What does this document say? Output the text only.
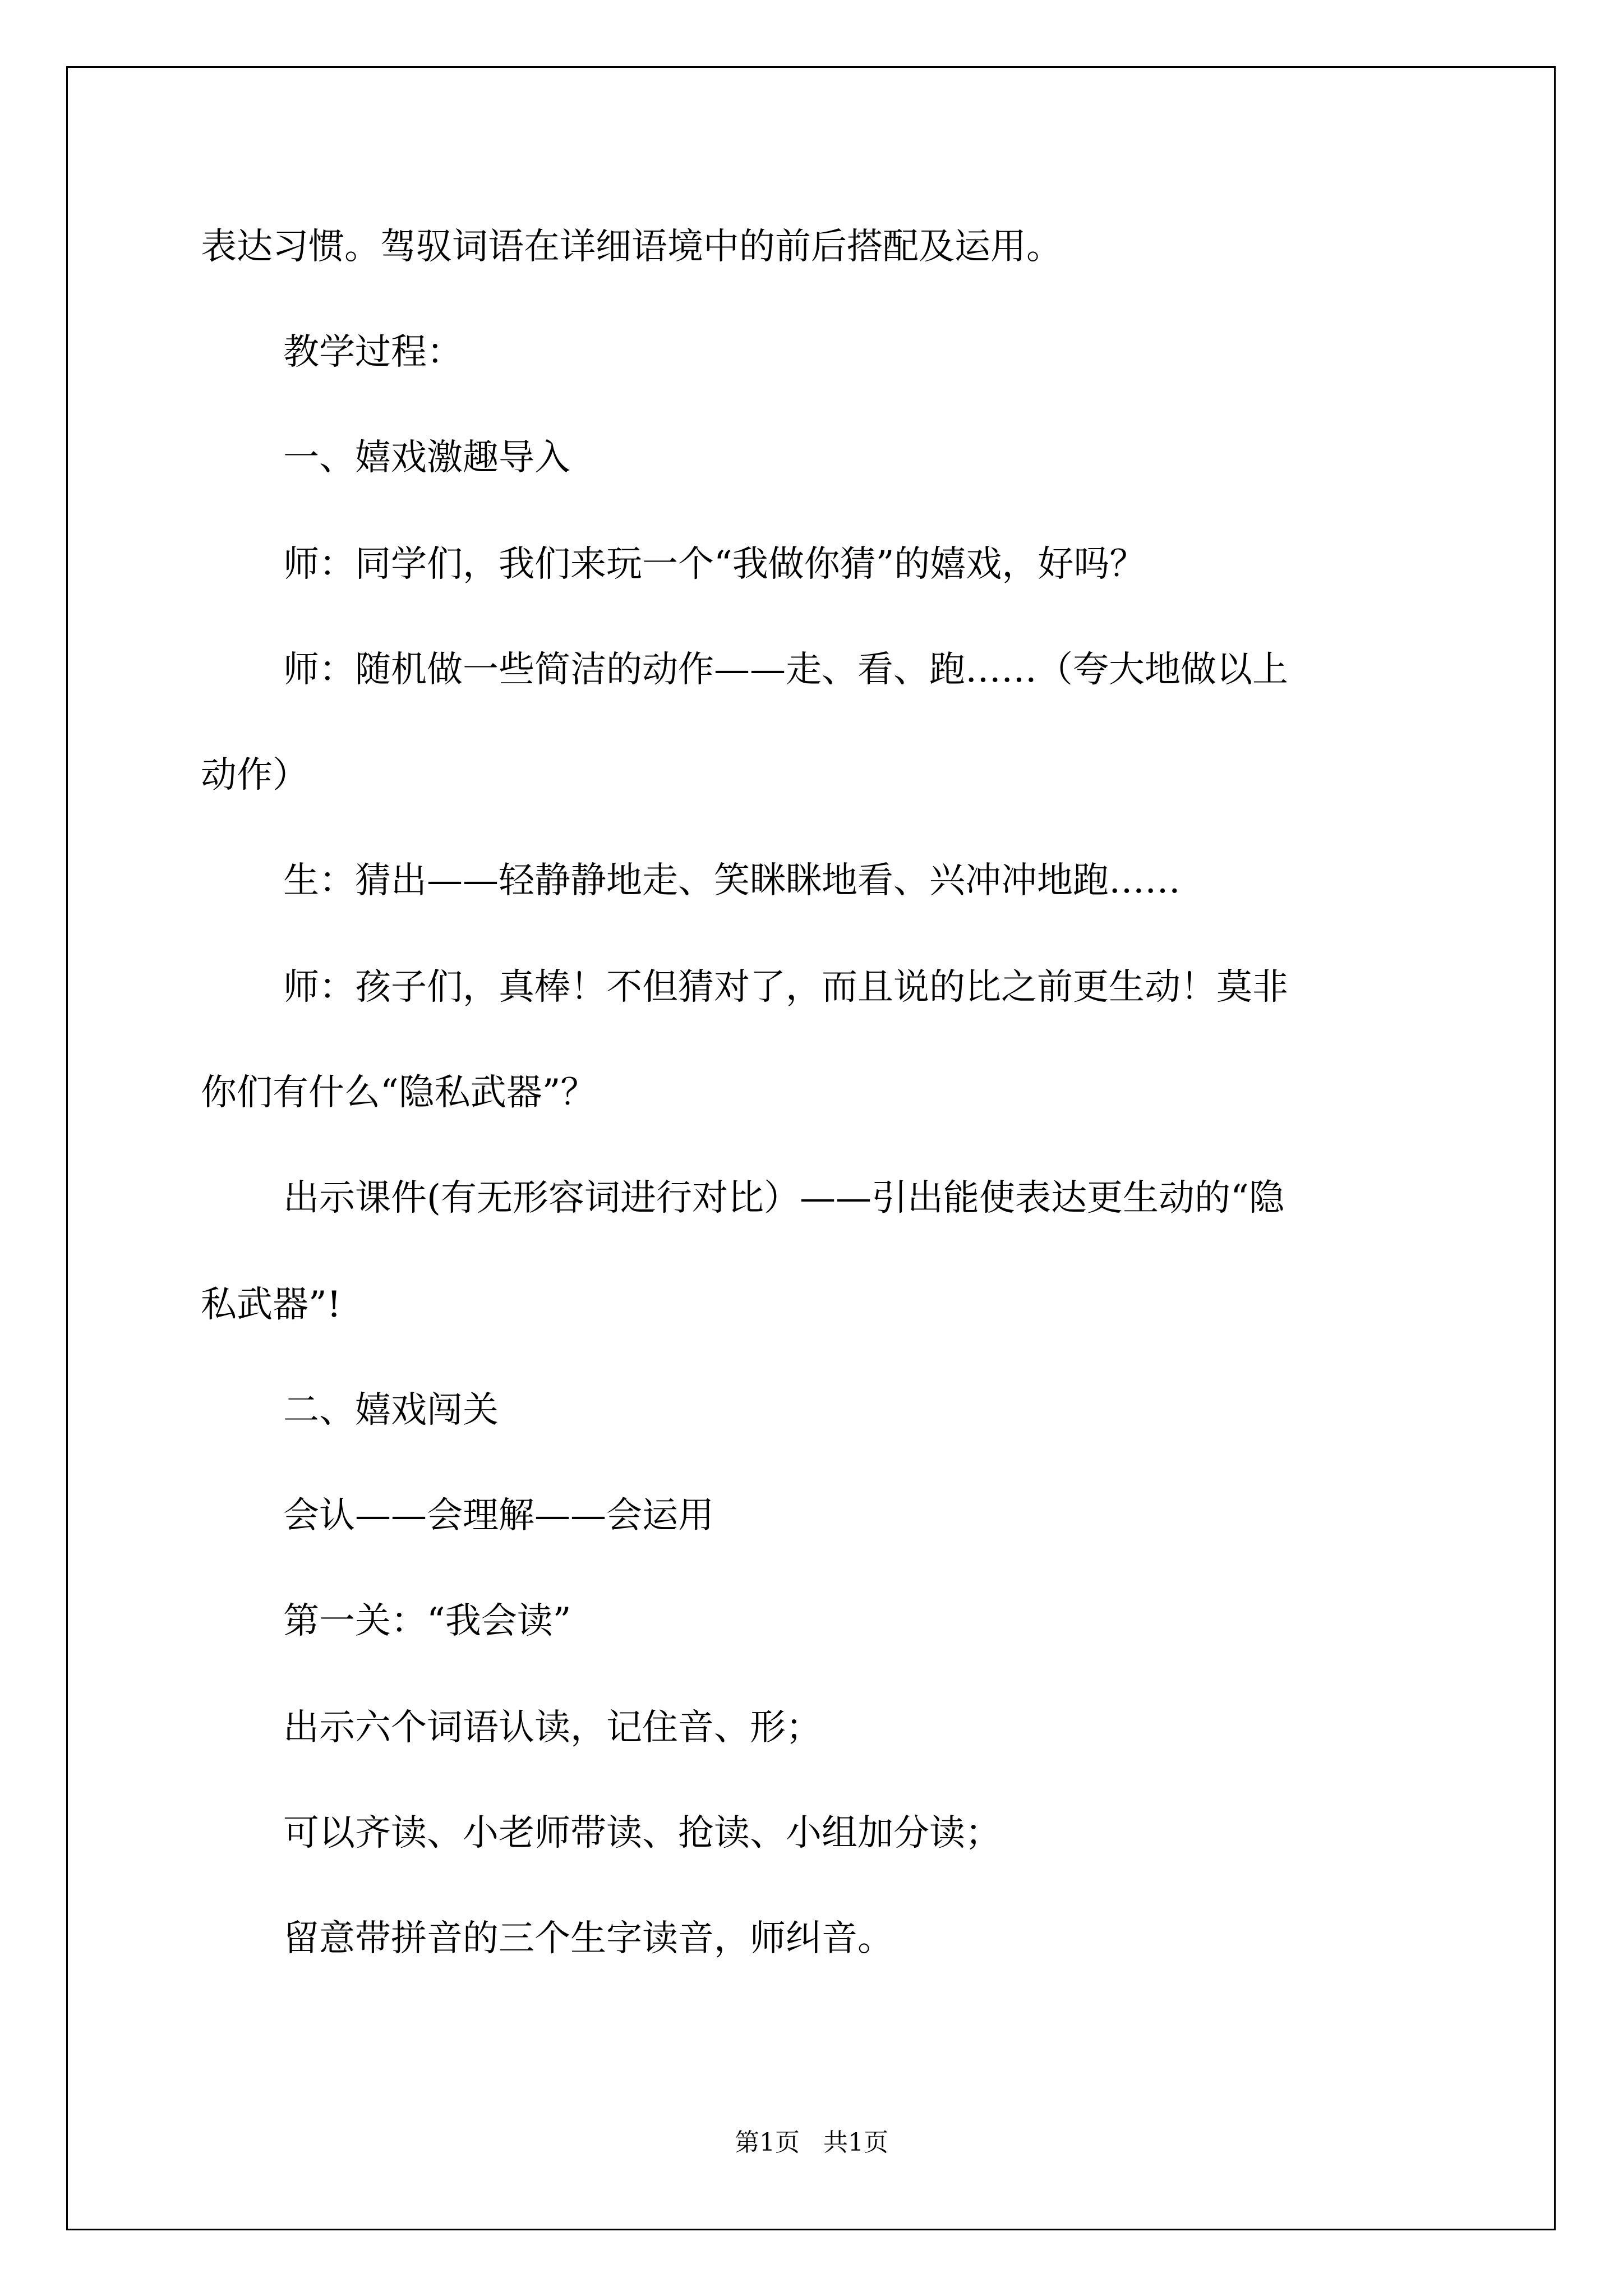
表达习惯。驾驭词语在详细语境中的前后搭配及运用。
教学过程：
一、嬉戏激趣导入
师：同学们，我们来玩一个“我做你猜”的嬉戏，好吗？
师：随机做一些简洁的动作——走、看、跑……（夸大地做以上
动作）
生：猜出——轻静静地走、笑眯眯地看、兴冲冲地跑……
师：孩子们，真棒！不但猜对了，而且说的比之前更生动！莫非
你们有什么“隐私武器”？
出示课件(有无形容词进行对比）——引出能使表达更生动的“隐
私武器”!
二、嬉戏闯关
会认——会理解——会运用
第一关：“我会读”
出示六个词语认读，记住音、形；
可以齐读、小老师带读、抢读、小组加分读；
留意带拼音的三个生字读音，师纠音。
第1页 共1页
